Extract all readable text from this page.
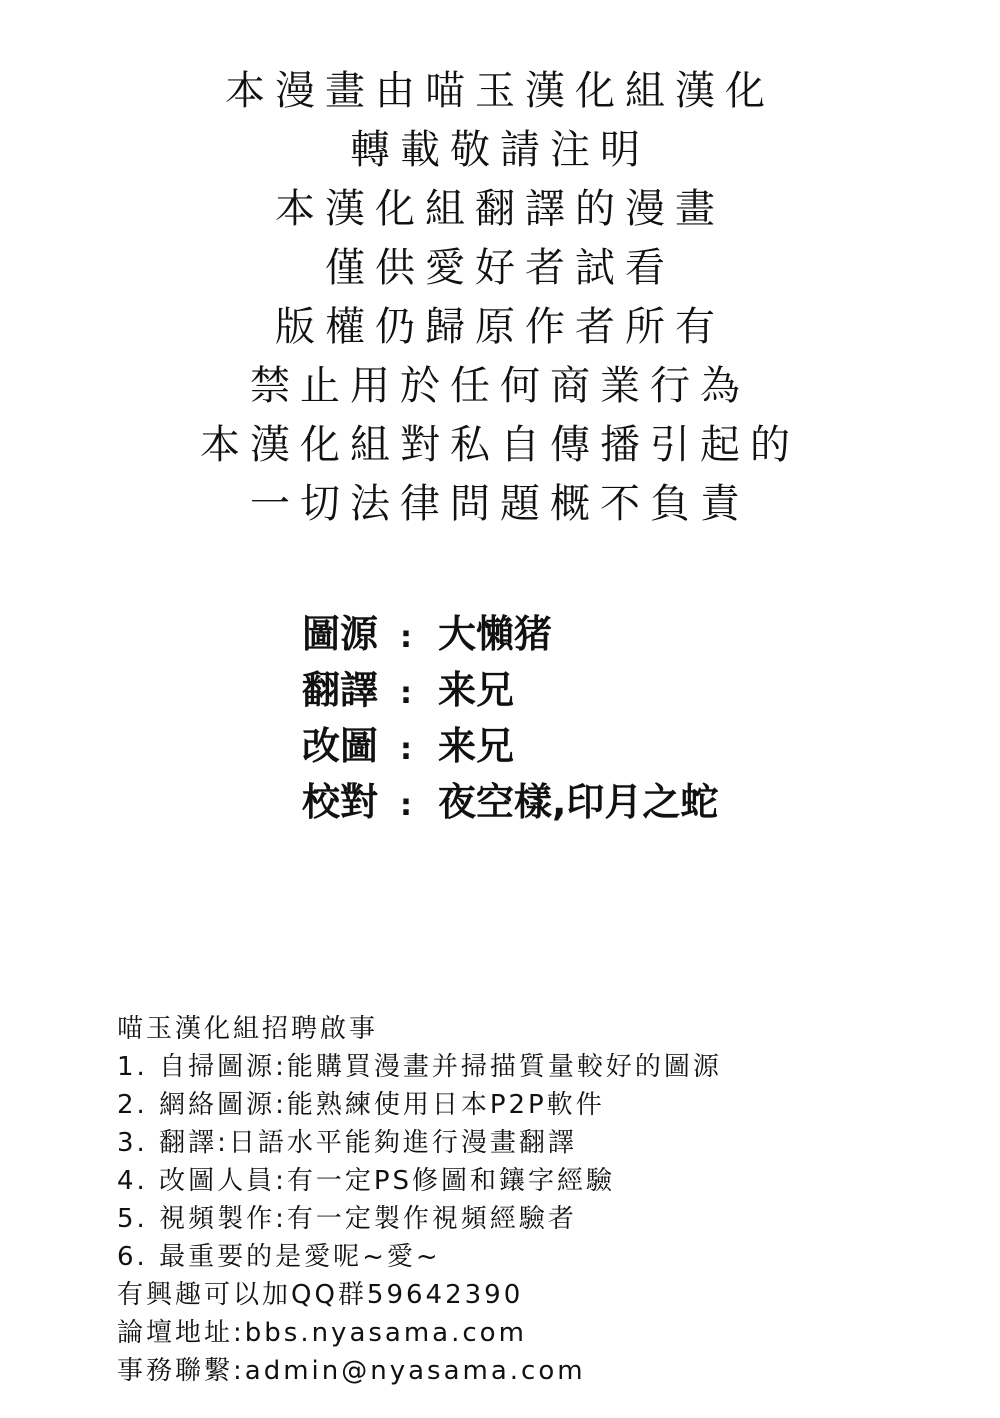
本漫畫由喵玉漢化組漢化
轉載敬請注明
本漢化組翻譯的漫畫
僅供愛好者試看
版權仍歸原作者所有
禁止用於任何商業行為
本漢化組對私自傳播引起的
一切法律問題概不負責
圖源 : 大懶猪
翻譯 : 来兄
改圖 : 来兄
校對 : 夜空樣,印月之蛇
喵玉漢化組招聘啟事
1. 自掃圖源:能購買漫畫并掃描質量較好的圖源
2. 網絡圖源:能熟練使用日本P2P軟件
3. 翻譯:日語水平能夠進行漫畫翻譯
4. 改圖人員:有一定PS修圖和鑲字經驗
5. 視頻製作:有一定製作視頻經驗者
6. 最重要的是愛呢~愛~
有興趣可以加QQ群59642390
論壇地址:bbs.nyasama.com
事務聯繫:admin@nyasama.com
